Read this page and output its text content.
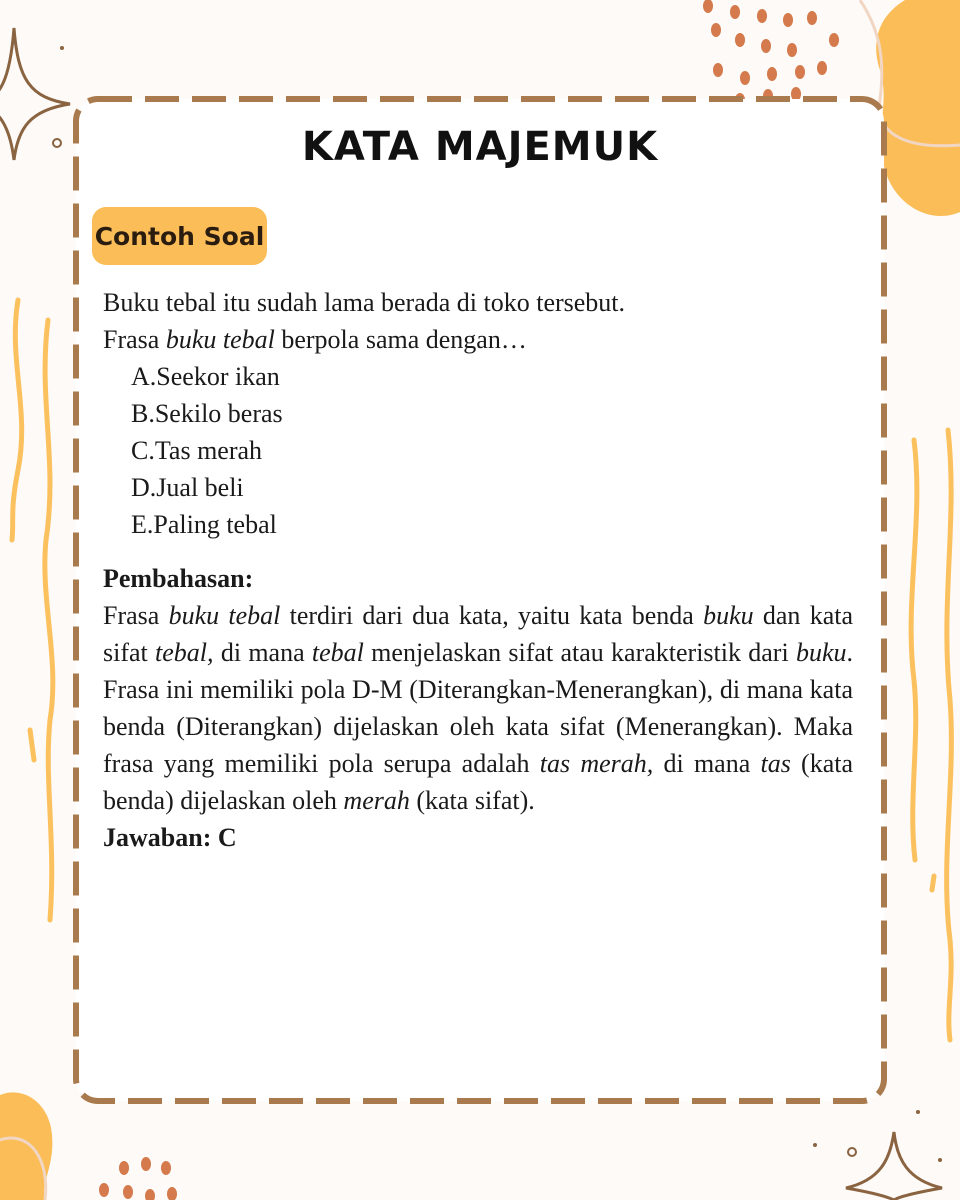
KATA MAJEMUK
Contoh Soal

Buku tebal itu sudah lama berada di toko tersebut.

Frasa buku tebal berpola sama dengan…

A.Seekor ikan
B.Sekilo beras
C.Tas merah
D.Jual beli
E.Paling tebal
Pembahasan:
Frasa buku tebal terdiri dari dua kata, yaitu kata benda buku dan kata sifat tebal, di mana tebal menjelaskan sifat atau karakteristik dari buku. Frasa ini memiliki pola D-M (Diterangkan-Menerangkan), di mana kata benda (Diterangkan) dijelaskan oleh kata sifat (Menerangkan). Maka frasa yang memiliki pola serupa adalah tas merah, di mana tas (kata benda) dijelaskan oleh merah (kata sifat).
Jawaban: C
